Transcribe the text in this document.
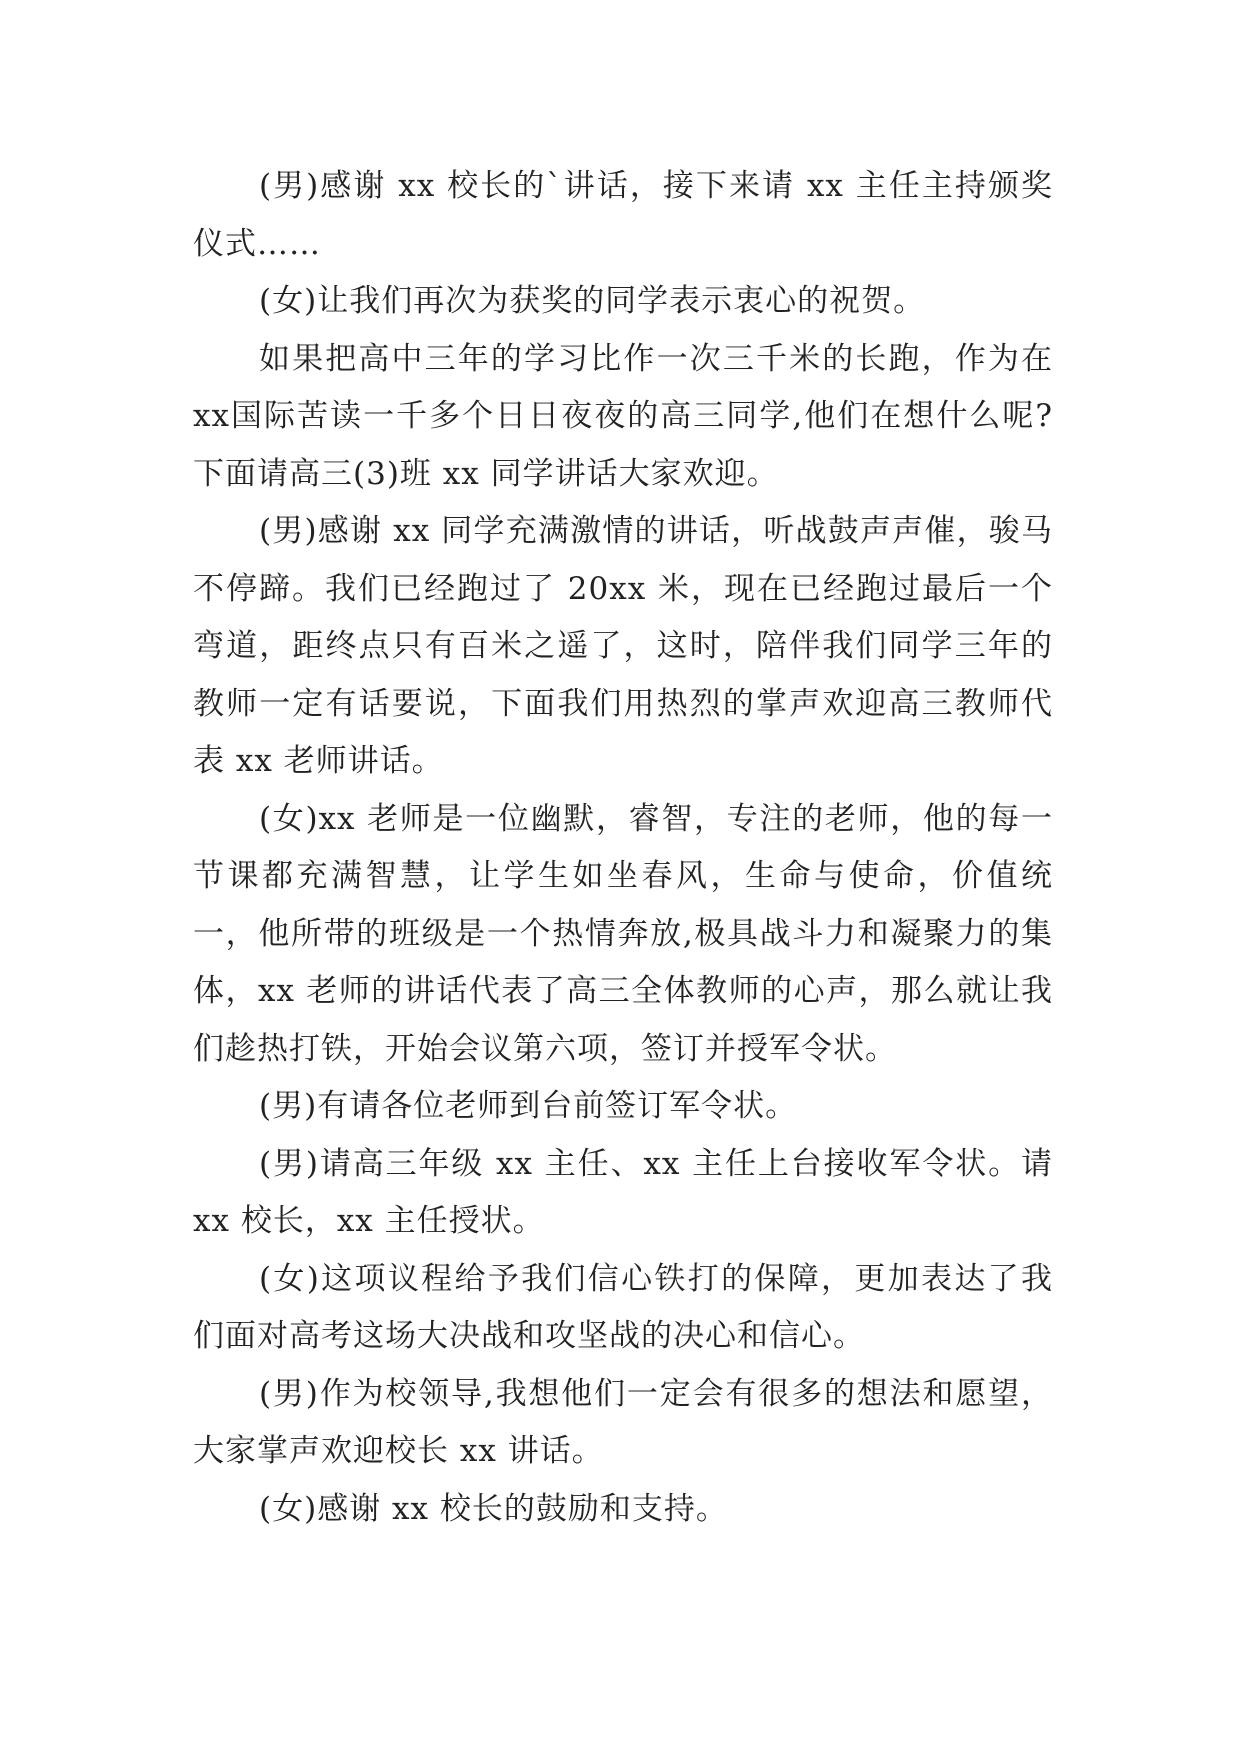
(男)感谢 xx 校长的`讲话，接下来请 xx 主任主持颁奖仪式……

(女)让我们再次为获奖的同学表示衷心的祝贺。

如果把高中三年的学习比作一次三千米的长跑，作为在xx国际苦读一千多个日日夜夜的高三同学,他们在想什么呢?下面请高三(3)班 xx 同学讲话大家欢迎。

(男)感谢 xx 同学充满激情的讲话，听战鼓声声催，骏马不停蹄。我们已经跑过了 20xx 米，现在已经跑过最后一个弯道，距终点只有百米之遥了，这时，陪伴我们同学三年的教师一定有话要说，下面我们用热烈的掌声欢迎高三教师代表 xx 老师讲话。

(女)xx 老师是一位幽默，睿智，专注的老师，他的每一节课都充满智慧，让学生如坐春风，生命与使命，价值统一，他所带的班级是一个热情奔放,极具战斗力和凝聚力的集体，xx 老师的讲话代表了高三全体教师的心声，那么就让我们趁热打铁，开始会议第六项，签订并授军令状。

(男)有请各位老师到台前签订军令状。

(男)请高三年级 xx 主任、xx 主任上台接收军令状。请xx 校长，xx 主任授状。

(女)这项议程给予我们信心铁打的保障，更加表达了我们面对高考这场大决战和攻坚战的决心和信心。

(男)作为校领导,我想他们一定会有很多的想法和愿望，大家掌声欢迎校长 xx 讲话。

(女)感谢 xx 校长的鼓励和支持。
